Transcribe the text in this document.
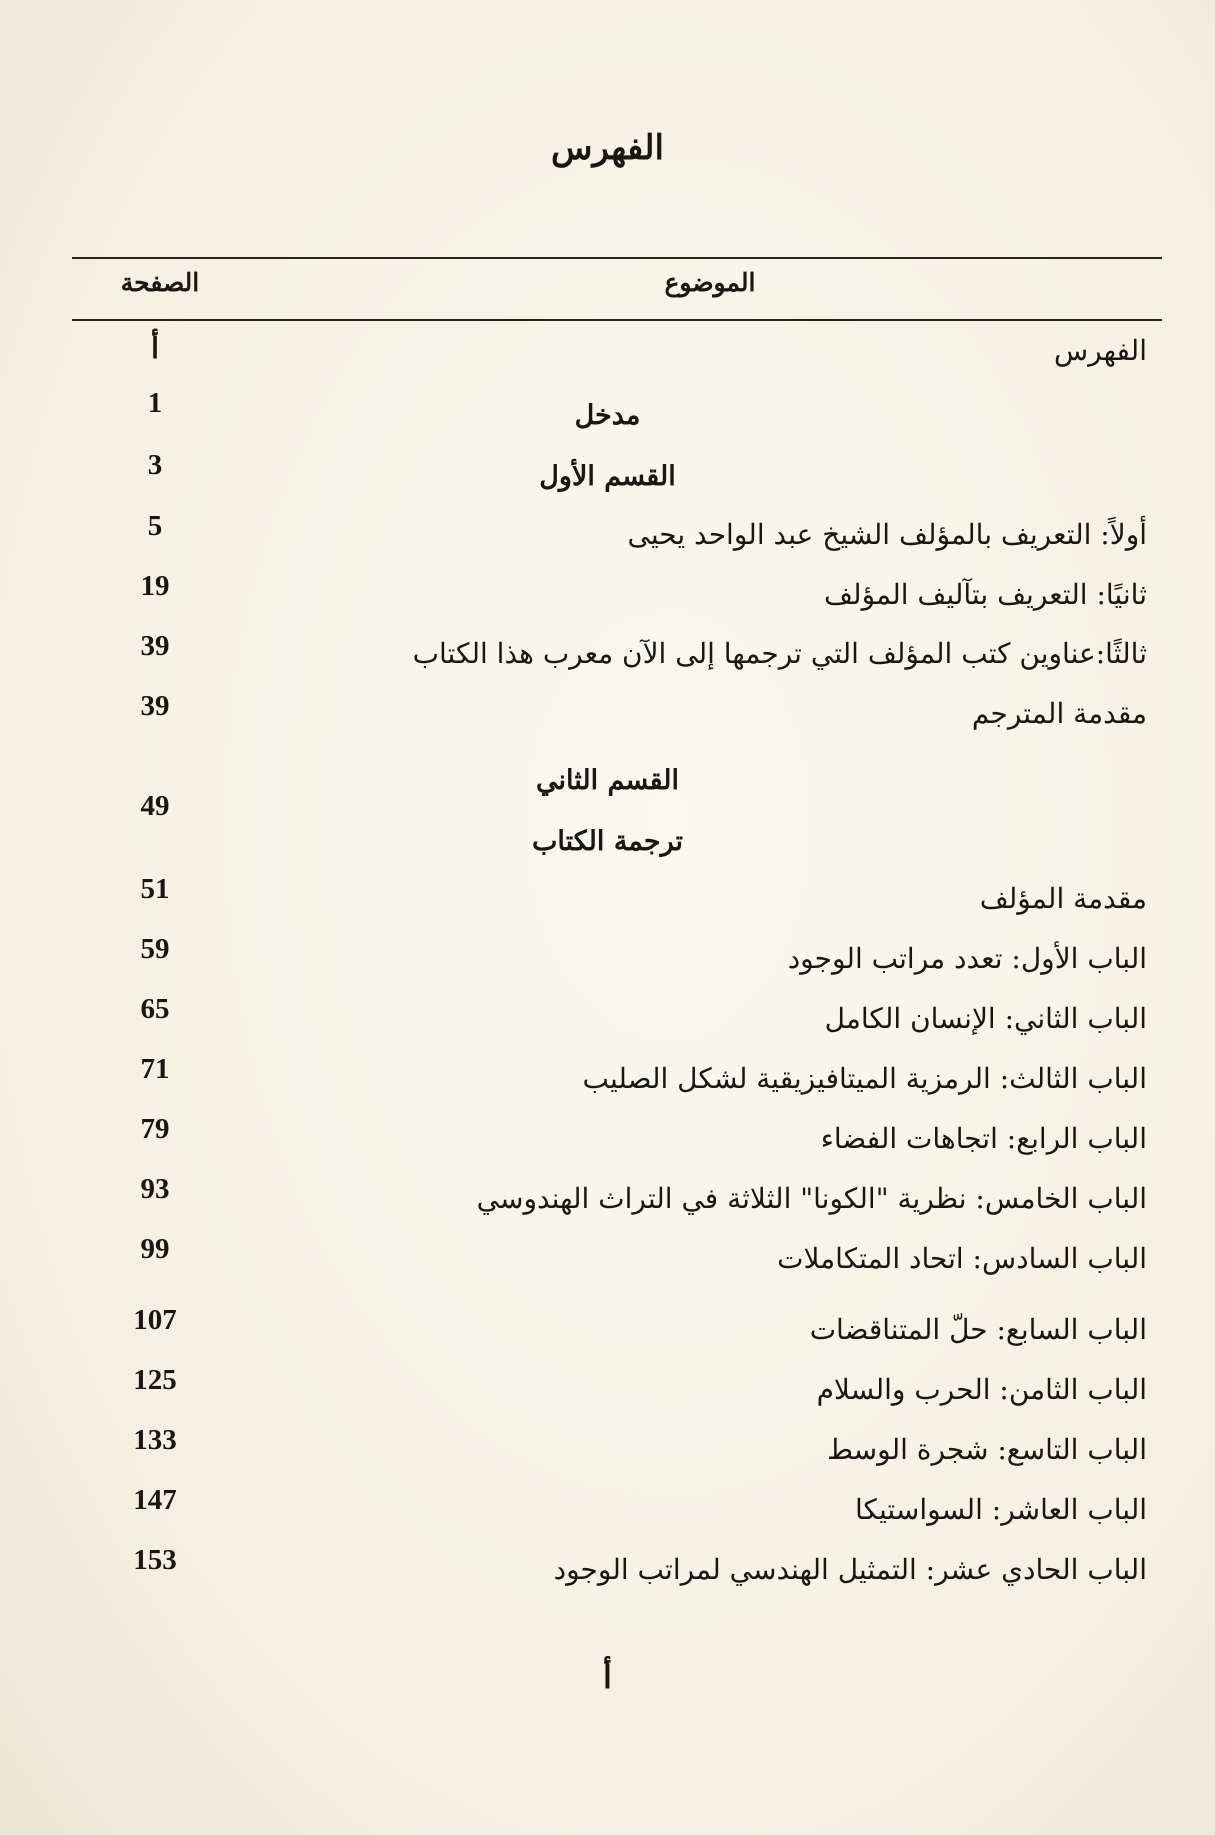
الفهرس
الموضوع
الصفحة
الفهرس
أ
مدخل
1
القسم الأول
3
أولاً: التعريف بالمؤلف الشيخ عبد الواحد يحيى
5
ثانيًا: التعريف بتآليف المؤلف
19
ثالثًا:عناوين كتب المؤلف التي ترجمها إلى الآن معرب هذا الكتاب
39
مقدمة المترجم
39
القسم الثاني
ترجمة الكتاب
49
مقدمة المؤلف
51
الباب الأول: تعدد مراتب الوجود
59
الباب الثاني: الإنسان الكامل
65
الباب الثالث: الرمزية الميتافيزيقية لشكل الصليب
71
الباب الرابع: اتجاهات الفضاء
79
الباب الخامس: نظرية "الكونا" الثلاثة في التراث الهندوسي
93
الباب السادس: اتحاد المتكاملات
99
الباب السابع: حلّ المتناقضات
107
الباب الثامن: الحرب والسلام
125
الباب التاسع: شجرة الوسط
133
الباب العاشر: السواستيكا
147
الباب الحادي عشر: التمثيل الهندسي لمراتب الوجود
153
أ
